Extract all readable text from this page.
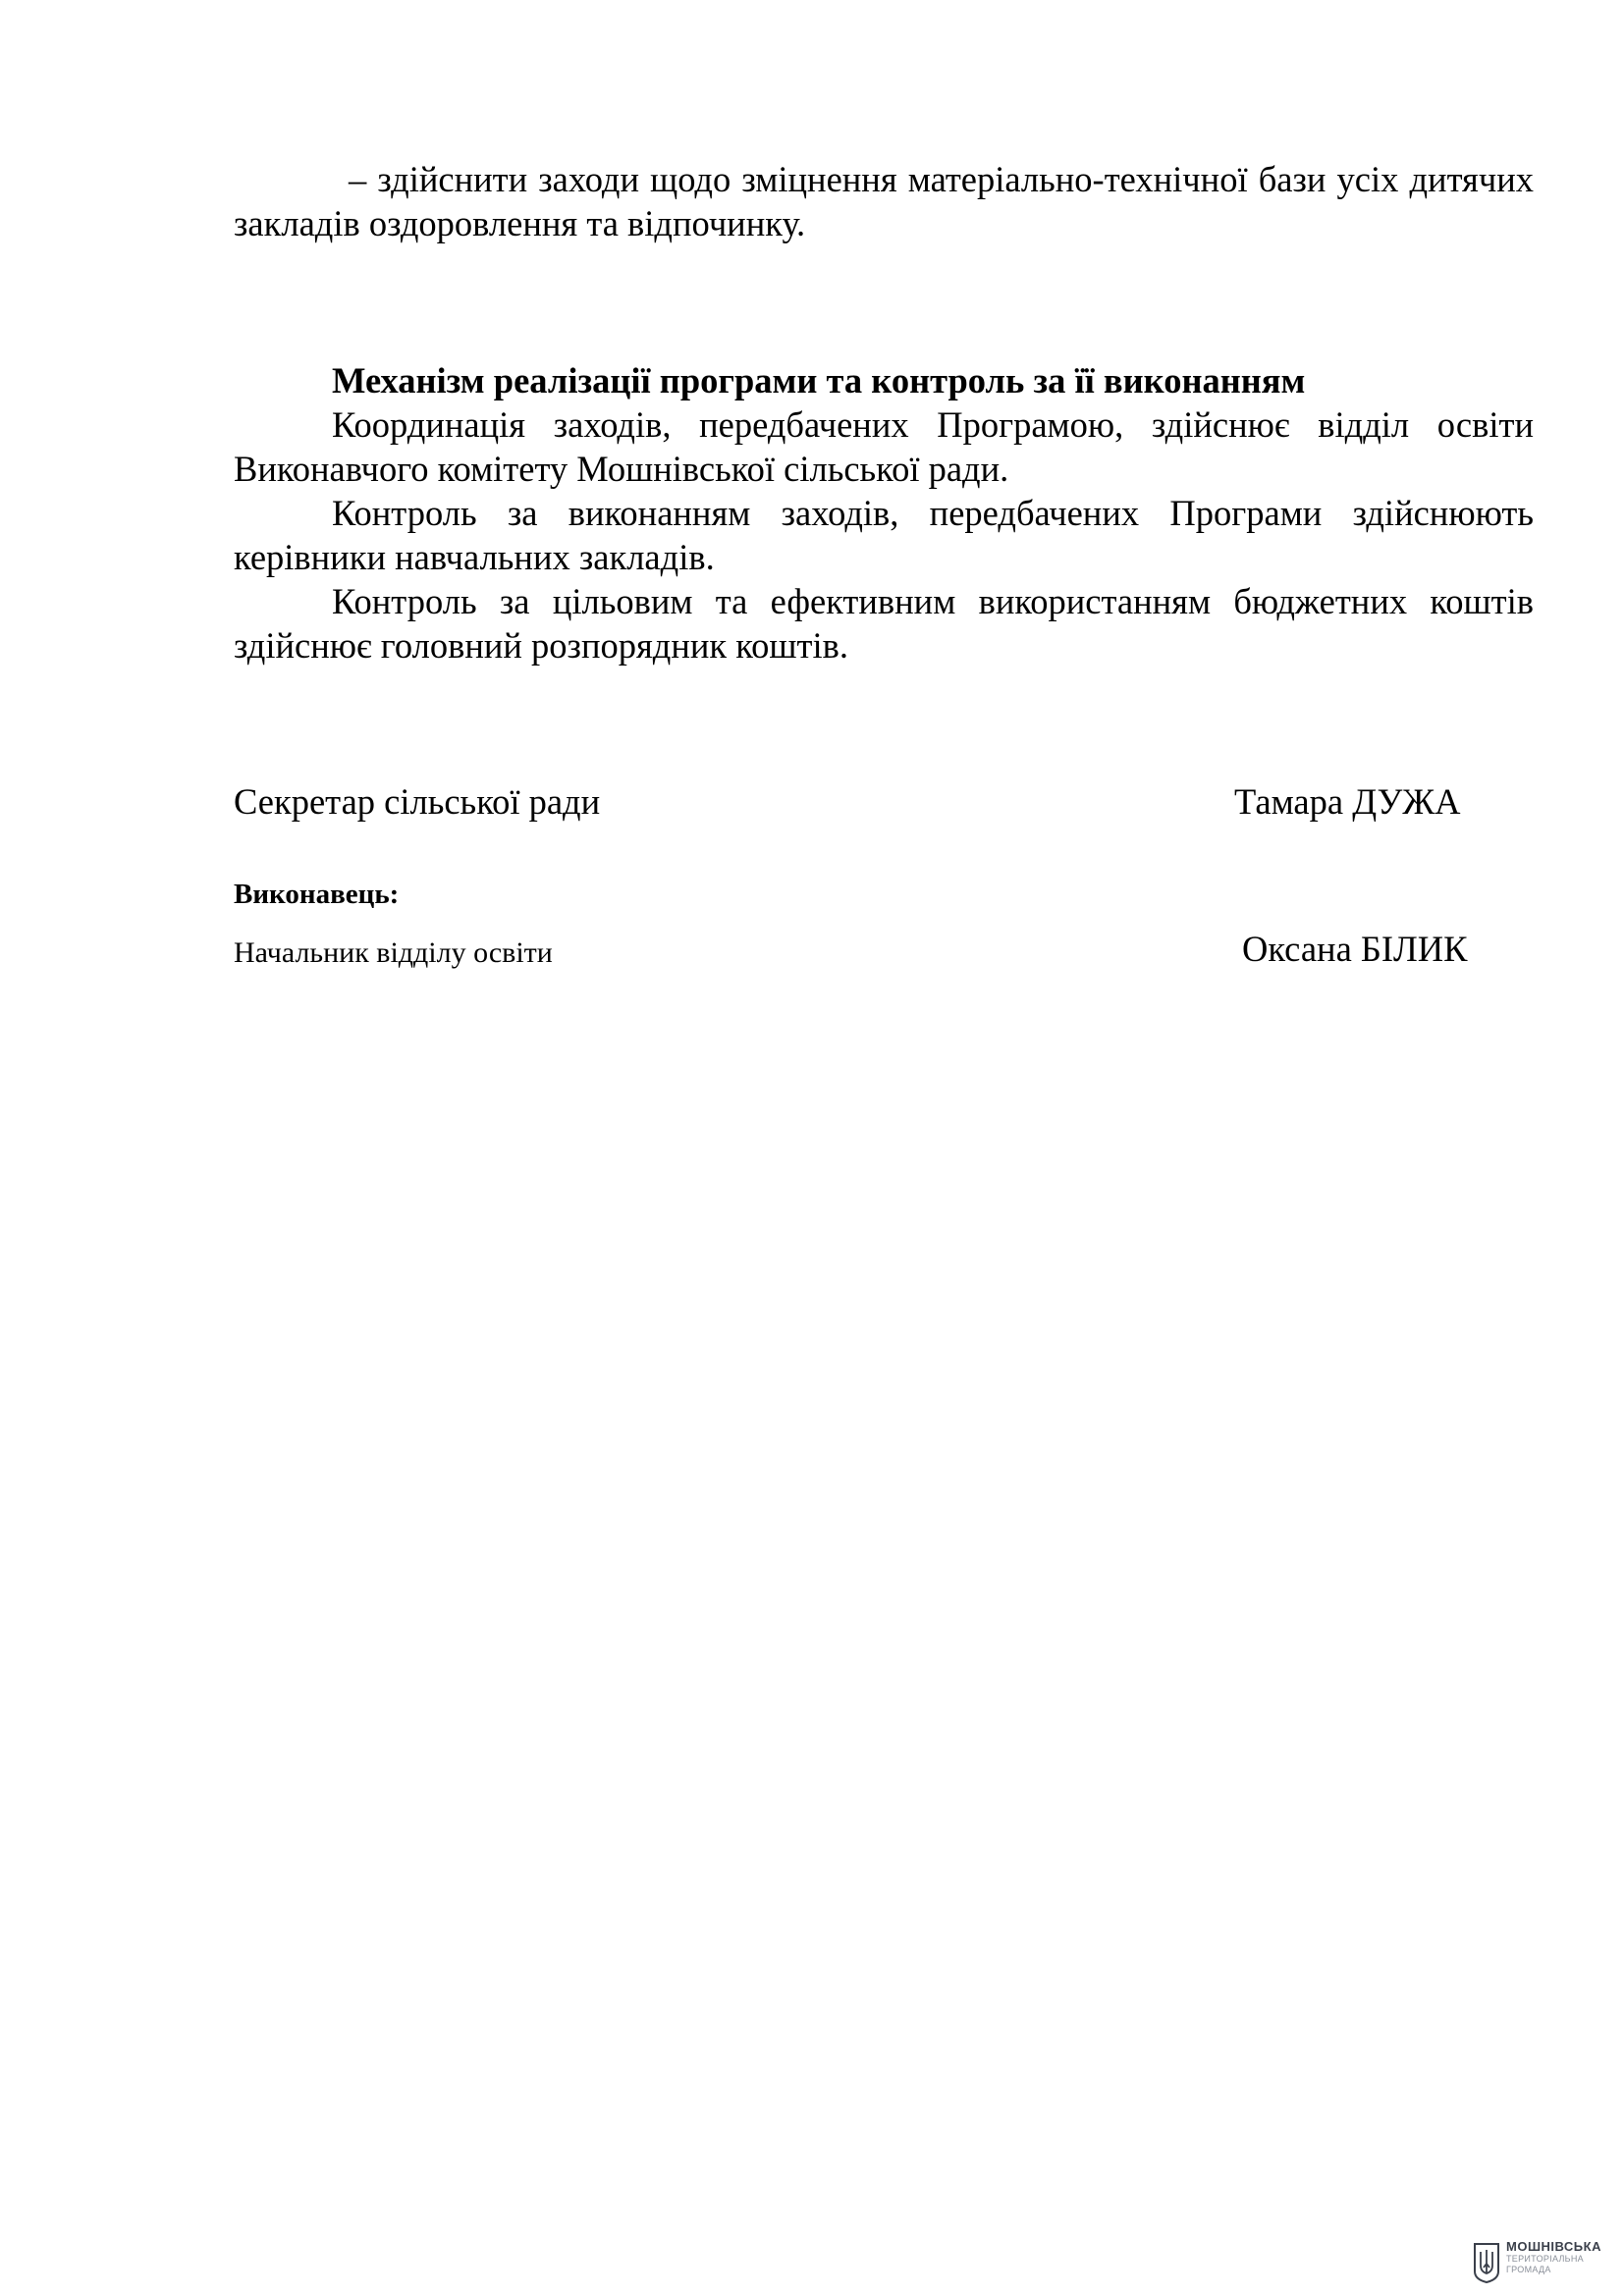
– здійснити заходи щодо зміцнення матеріально-технічної бази усіх дитячих закладів оздоровлення та відпочинку.

Механізм реалізації програми та контроль за її виконанням

Координація заходів, передбачених Програмою, здійснює відділ освіти Виконавчого комітету Мошнівської сільської ради.

Контроль за виконанням заходів, передбачених Програми здійснюють керівники навчальних закладів.

Контроль за цільовим та ефективним використанням бюджетних коштів здійснює головний розпорядник коштів.

Секретар сільської ради	Тамара ДУЖА
Виконавець:
Начальник відділу освіти	Оксана БІЛИК
МОШНІВСЬКА
ТЕРИТОРІАЛЬНА
ГРОМАДА
